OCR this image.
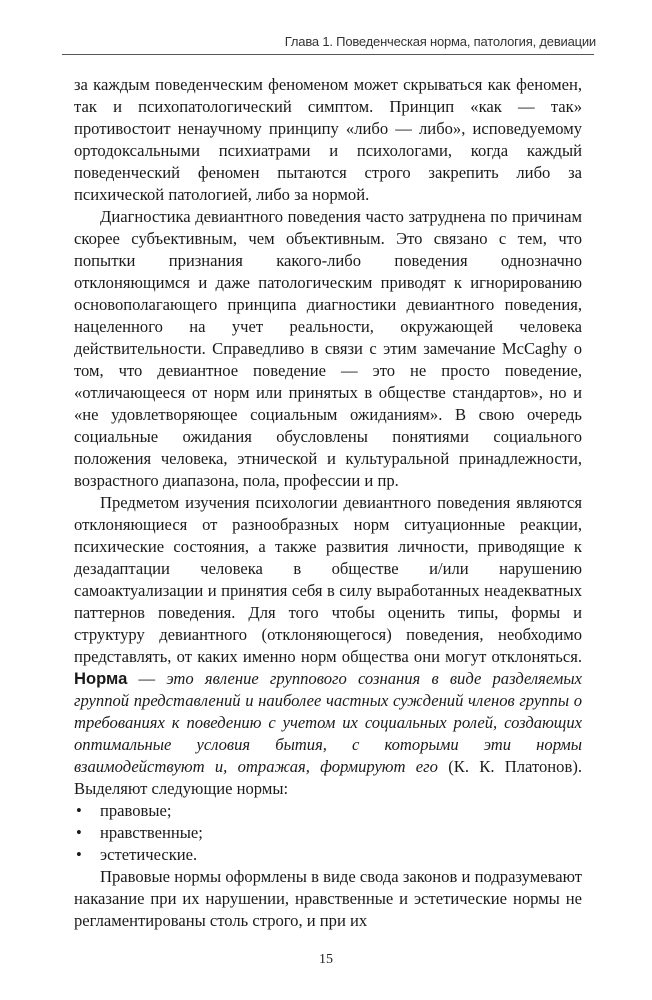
Глава 1. Поведенческая норма, патология, девиации

за каждым поведенческим феноменом может скрываться как феномен, так и психопатологический симптом. Принцип «как — так» противостоит ненаучному принципу «либо — либо», исповедуемому ортодоксальными психиатрами и психологами, когда каждый поведенческий феномен пытаются строго закрепить либо за психической патологией, либо за нормой.

Диагностика девиантного поведения часто затруднена по причинам скорее субъективным, чем объективным. Это связано с тем, что попытки признания какого-либо поведения однозначно отклоняющимся и даже патологическим приводят к игнорированию основополагающего принципа диагностики девиантного поведения, нацеленного на учет реальности, окружающей человека действительности. Справедливо в связи с этим замечание McCaghy о том, что девиантное поведение — это не просто поведение, «отличающееся от норм или принятых в обществе стандартов», но и «не удовлетворяющее социальным ожиданиям». В свою очередь социальные ожидания обусловлены понятиями социального положения человека, этнической и культуральной принадлежности, возрастного диапазона, пола, профессии и пр.

Предметом изучения психологии девиантного поведения являются отклоняющиеся от разнообразных норм ситуационные реакции, психические состояния, а также развития личности, приводящие к дезадаптации человека в обществе и/или нарушению самоактуализации и принятия себя в силу выработанных неадекватных паттернов поведения. Для того чтобы оценить типы, формы и структуру девиантного (отклоняющегося) поведения, необходимо представлять, от каких именно норм общества они могут отклоняться. Норма — это явление группового сознания в виде разделяемых группой представлений и наиболее частных суждений членов группы о требованиях к поведению с учетом их социальных ролей, создающих оптимальные условия бытия, с которыми эти нормы взаимодействуют и, отражая, формируют его (К. К. Платонов). Выделяют следующие нормы:

• правовые;
• нравственные;
• эстетические.

Правовые нормы оформлены в виде свода законов и подразумевают наказание при их нарушении, нравственные и эстетические нормы не регламентированы столь строго, и при их

15
